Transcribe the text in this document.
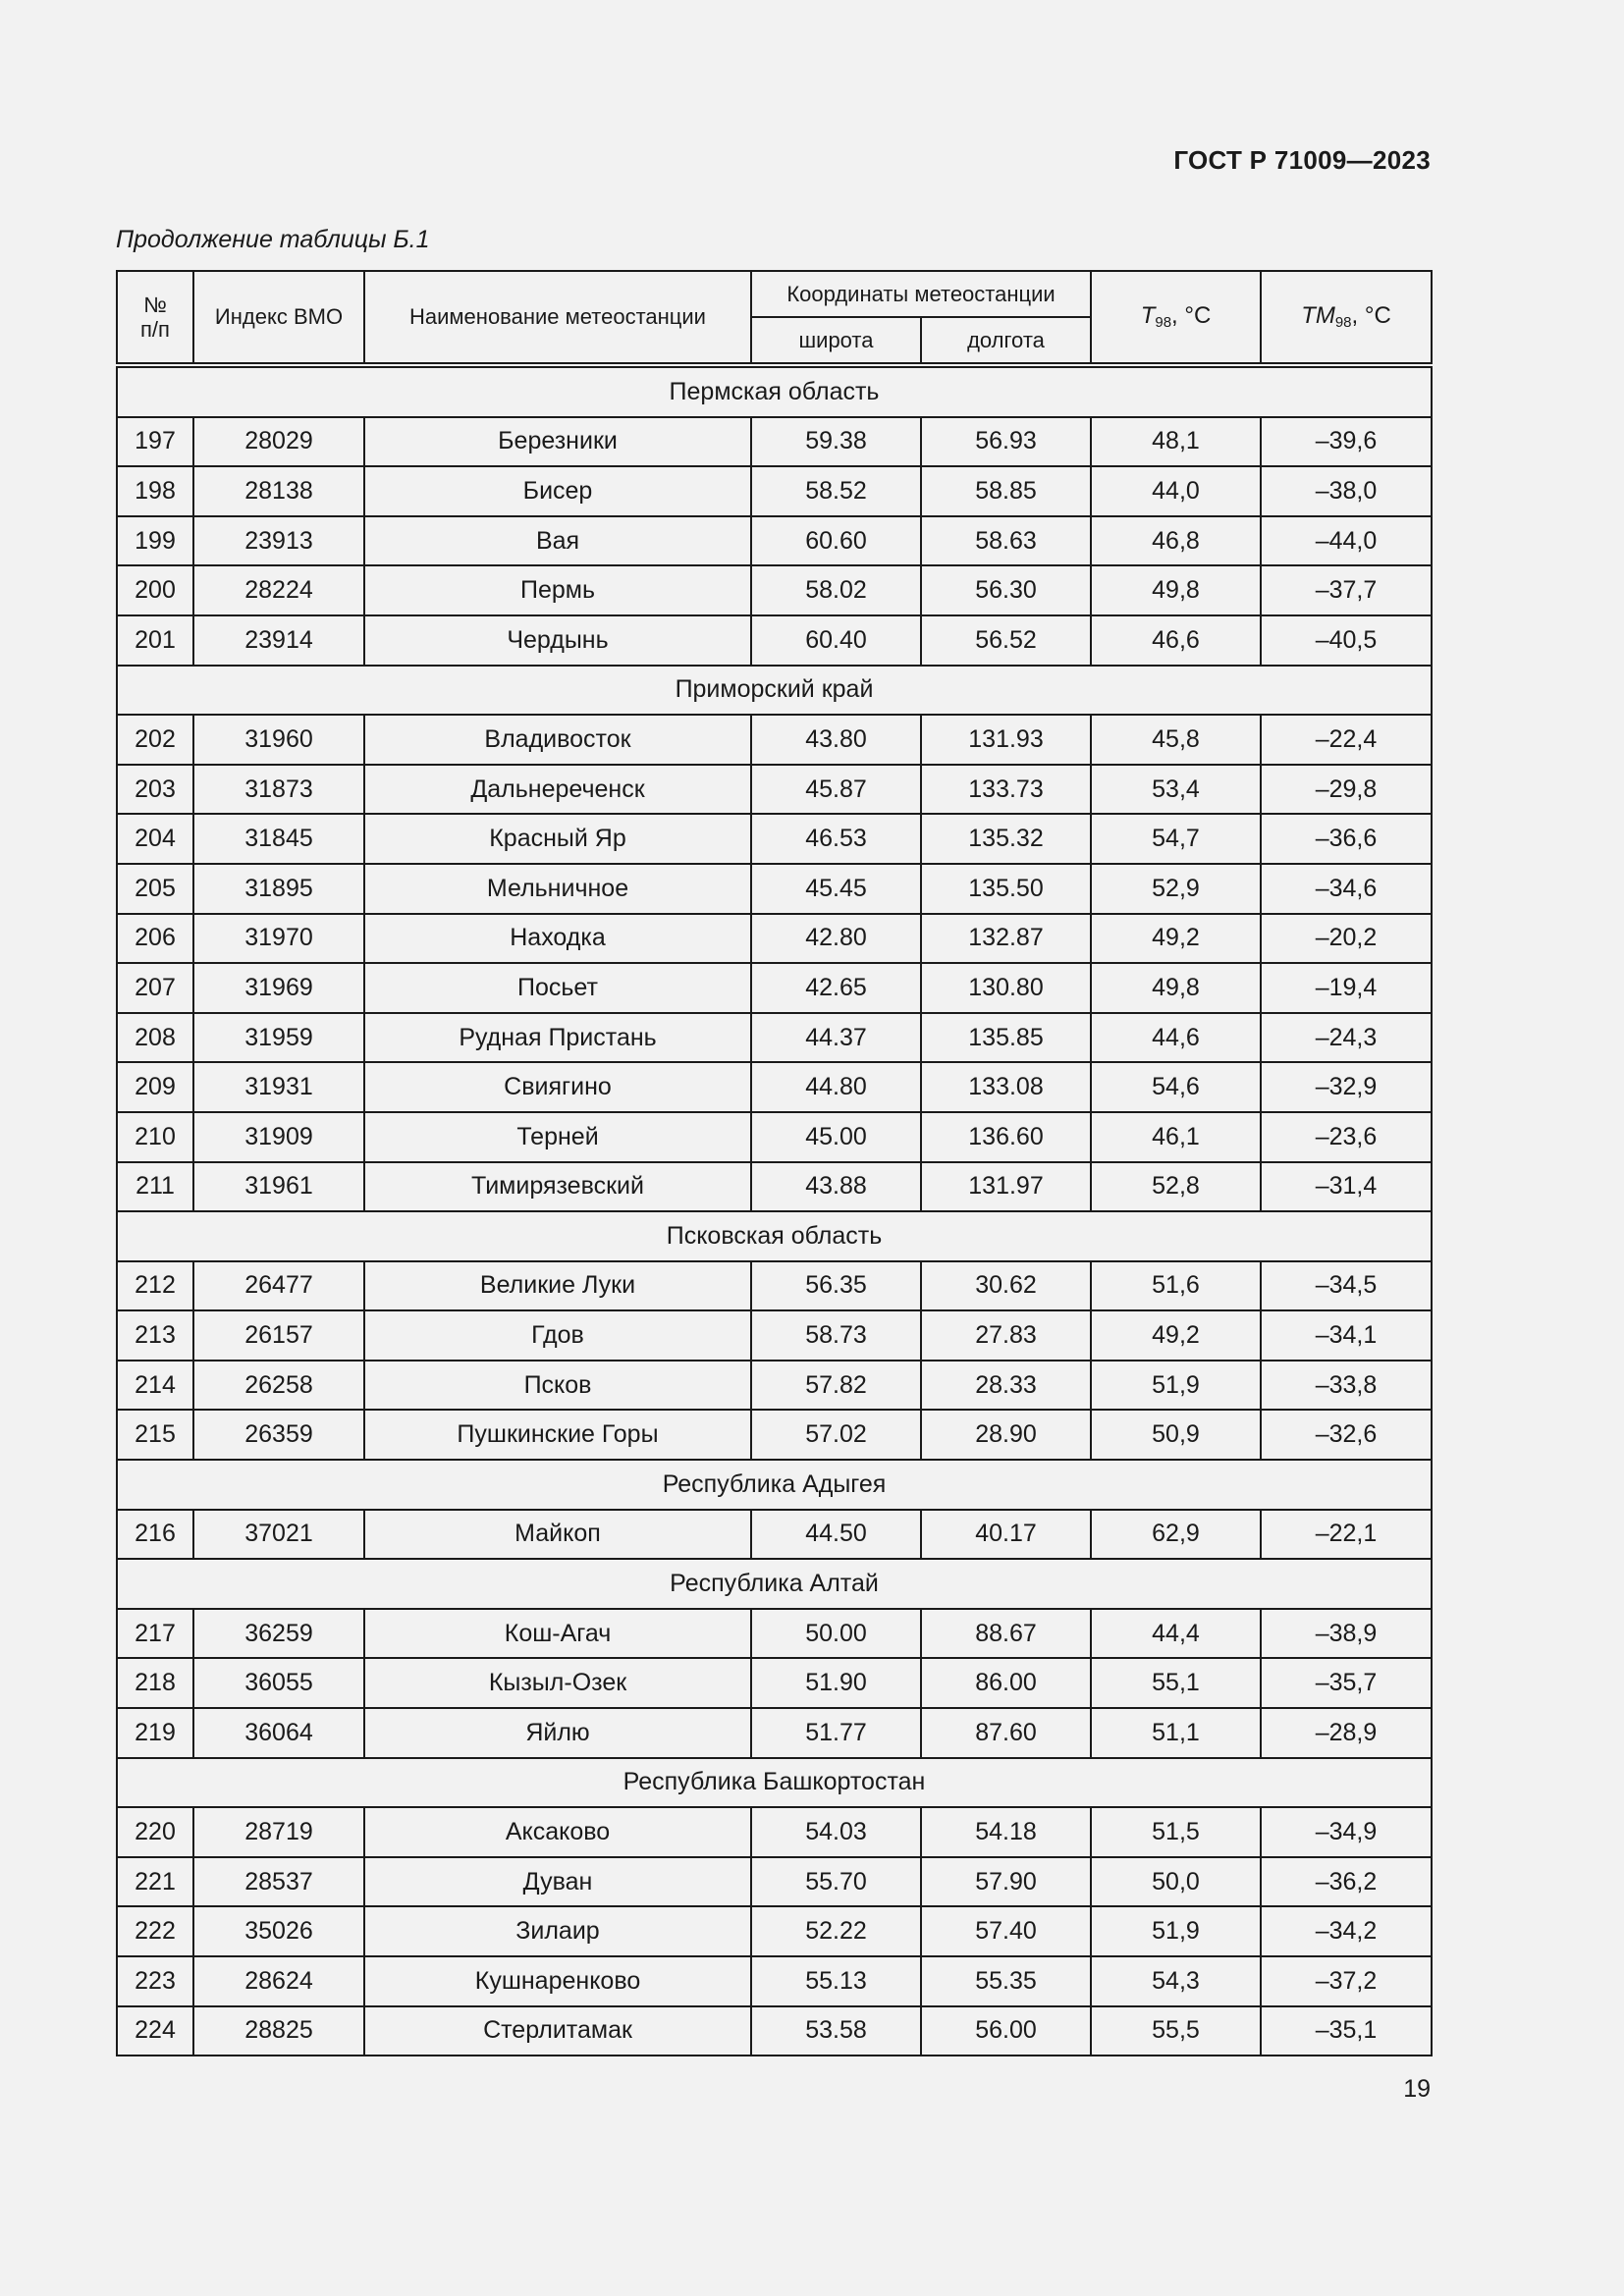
ГОСТ Р 71009—2023
Продолжение таблицы Б.1
№
п/п	Индекс ВМО	Наименование метеостанции	Координаты метеостанции		$T_{98}$, °C	$TM_{98}$, °C
			широта	долгота		
Пермская область						
197	28029	Березники	59.38	56.93	48,1	–39,6
198	28138	Бисер	58.52	58.85	44,0	–38,0
199	23913	Вая	60.60	58.63	46,8	–44,0
200	28224	Пермь	58.02	56.30	49,8	–37,7
201	23914	Чердынь	60.40	56.52	46,6	–40,5
Приморский край						
202	31960	Владивосток	43.80	131.93	45,8	–22,4
203	31873	Дальнереченск	45.87	133.73	53,4	–29,8
204	31845	Красный Яр	46.53	135.32	54,7	–36,6
205	31895	Мельничное	45.45	135.50	52,9	–34,6
206	31970	Находка	42.80	132.87	49,2	–20,2
207	31969	Посьет	42.65	130.80	49,8	–19,4
208	31959	Рудная Пристань	44.37	135.85	44,6	–24,3
209	31931	Свиягино	44.80	133.08	54,6	–32,9
210	31909	Терней	45.00	136.60	46,1	–23,6
211	31961	Тимирязевский	43.88	131.97	52,8	–31,4
Псковская область						
212	26477	Великие Луки	56.35	30.62	51,6	–34,5
213	26157	Гдов	58.73	27.83	49,2	–34,1
214	26258	Псков	57.82	28.33	51,9	–33,8
215	26359	Пушкинские Горы	57.02	28.90	50,9	–32,6
Республика Адыгея						
216	37021	Майкоп	44.50	40.17	62,9	–22,1
Республика Алтай						
217	36259	Кош-Агач	50.00	88.67	44,4	–38,9
218	36055	Кызыл-Озек	51.90	86.00	55,1	–35,7
219	36064	Яйлю	51.77	87.60	51,1	–28,9
Республика Башкортостан						
220	28719	Аксаково	54.03	54.18	51,5	–34,9
221	28537	Дуван	55.70	57.90	50,0	–36,2
222	35026	Зилаир	52.22	57.40	51,9	–34,2
223	28624	Кушнаренково	55.13	55.35	54,3	–37,2
224	28825	Стерлитамак	53.58	56.00	55,5	–35,1
19
